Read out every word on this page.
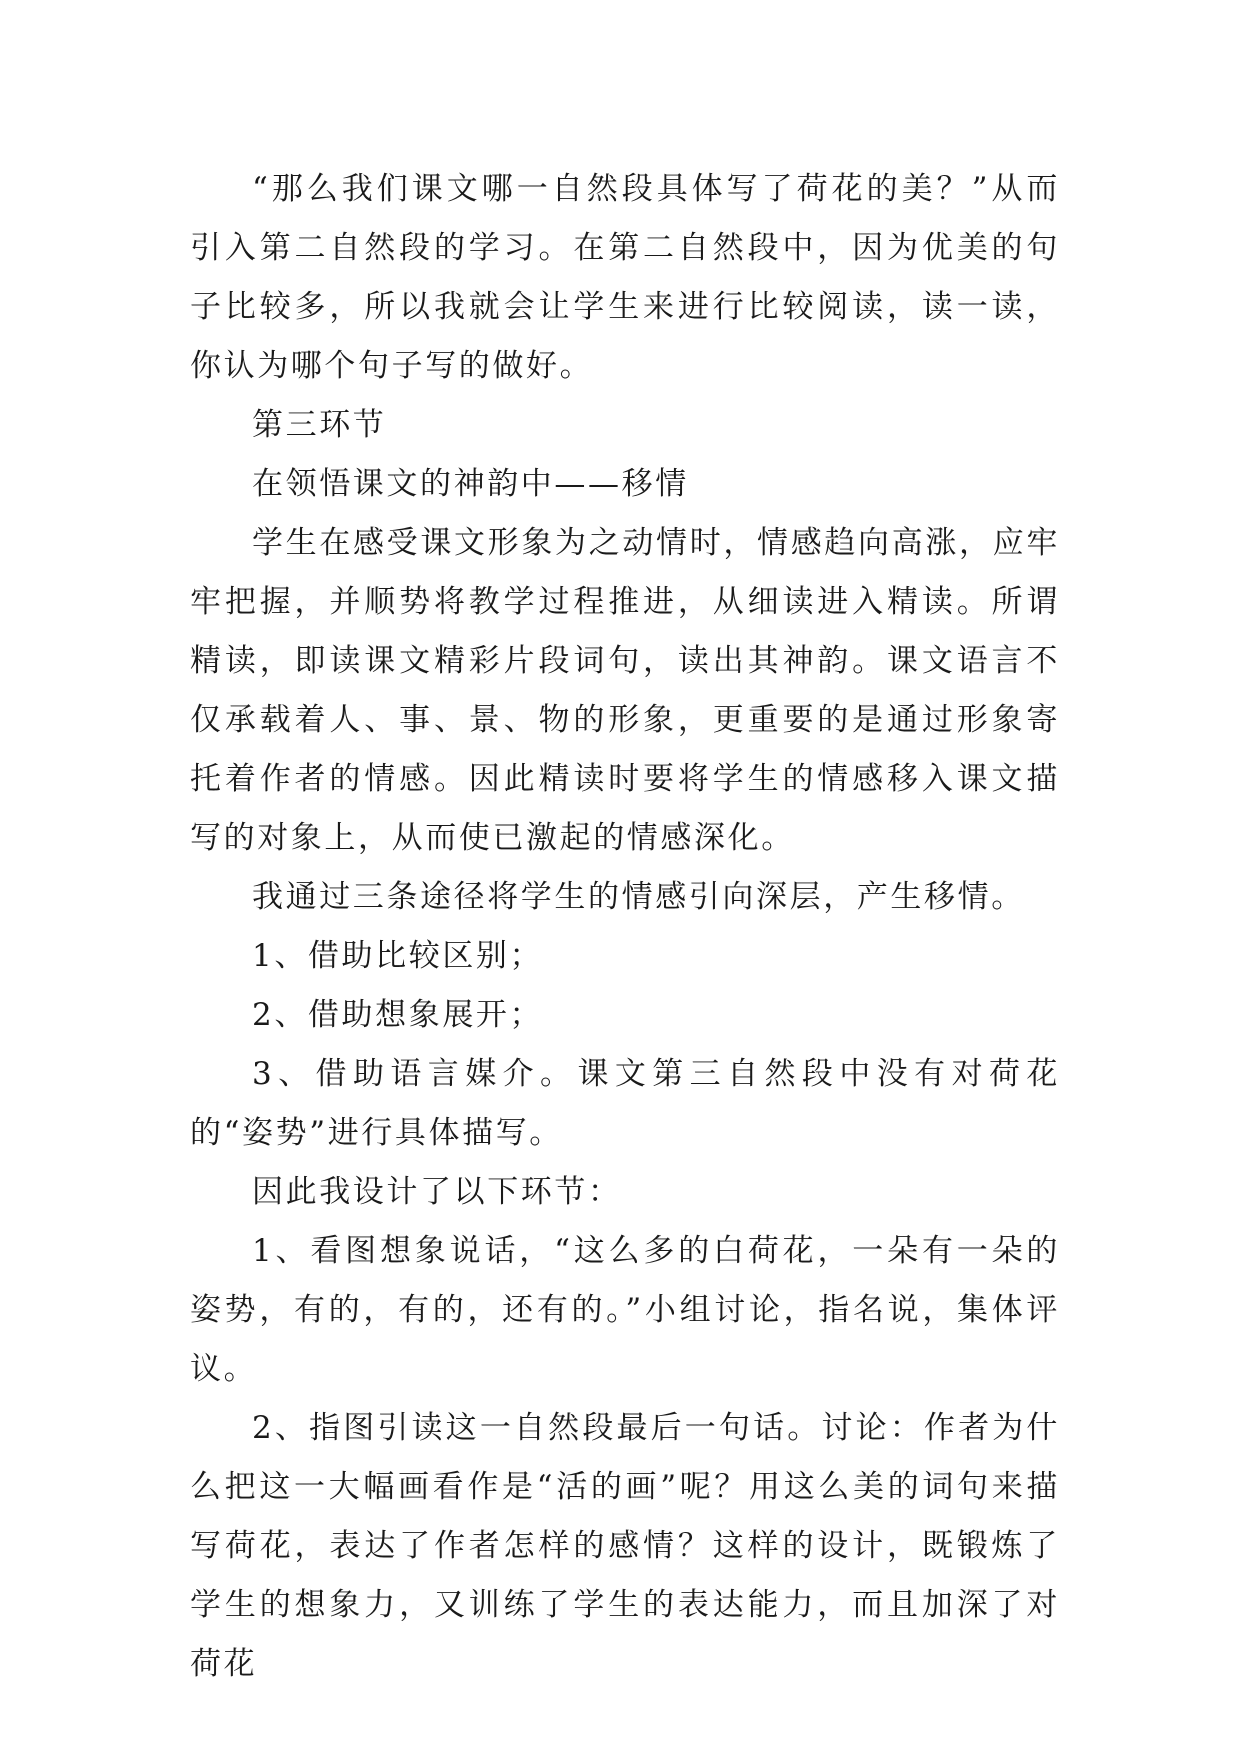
“那么我们课文哪一自然段具体写了荷花的美？”从而引入第二自然段的学习。在第二自然段中，因为优美的句子比较多，所以我就会让学生来进行比较阅读，读一读，你认为哪个句子写的做好。

第三环节

在领悟课文的神韵中——移情

学生在感受课文形象为之动情时，情感趋向高涨，应牢牢把握，并顺势将教学过程推进，从细读进入精读。所谓精读，即读课文精彩片段词句，读出其神韵。课文语言不仅承载着人、事、景、物的形象，更重要的是通过形象寄托着作者的情感。因此精读时要将学生的情感移入课文描写的对象上，从而使已激起的情感深化。

我通过三条途径将学生的情感引向深层，产生移情。

1、借助比较区别；

2、借助想象展开；

3、借助语言媒介。课文第三自然段中没有对荷花的“姿势”进行具体描写。

因此我设计了以下环节：

1、看图想象说话，“这么多的白荷花，一朵有一朵的姿势，有的，有的，还有的。”小组讨论，指名说，集体评议。

2、指图引读这一自然段最后一句话。讨论：作者为什么把这一大幅画看作是“活的画”呢？用这么美的词句来描写荷花，表达了作者怎样的感情？这样的设计，既锻炼了学生的想象力，又训练了学生的表达能力，而且加深了对荷花
